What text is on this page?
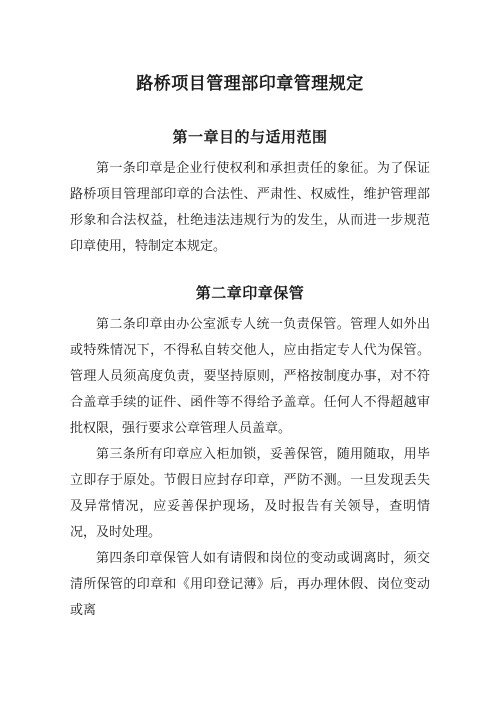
路桥项目管理部印章管理规定
第一章目的与适用范围

第一条印章是企业行使权利和承担责任的象征。为了保证路桥项目管理部印章的合法性、严肃性、权威性，维护管理部形象和合法权益，杜绝违法违规行为的发生，从而进一步规范印章使用，特制定本规定。

第二章印章保管

第二条印章由办公室派专人统一负责保管。管理人如外出或特殊情况下，不得私自转交他人，应由指定专人代为保管。管理人员须高度负责，要坚持原则，严格按制度办事，对不符合盖章手续的证件、函件等不得给予盖章。任何人不得超越审批权限，强行要求公章管理人员盖章。

第三条所有印章应入柜加锁，妥善保管，随用随取，用毕立即存于原处。节假日应封存印章，严防不测。一旦发现丢失及异常情况，应妥善保护现场，及时报告有关领导，查明情况，及时处理。

第四条印章保管人如有请假和岗位的变动或调离时，须交清所保管的印章和《用印登记薄》后，再办理休假、岗位变动或离
